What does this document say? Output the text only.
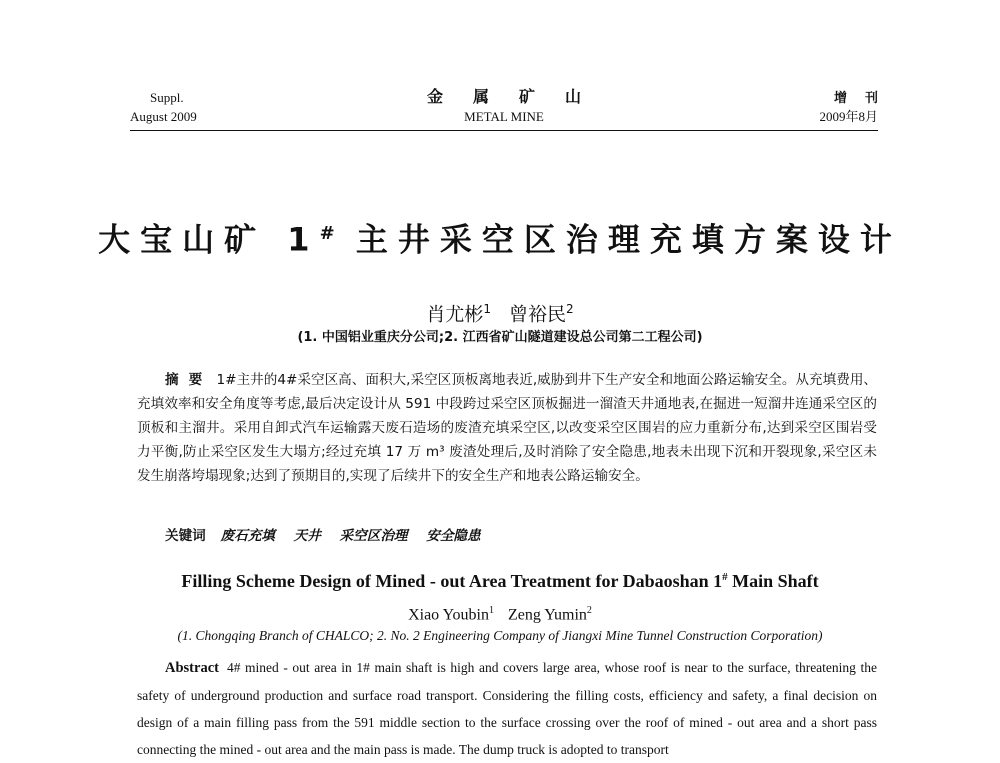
Suppl.
August 2009
金属矿山
METAL MINE
增刊
2009年8月
大宝山矿 1# 主井采空区治理充填方案设计
肖尤彬$^1$ 曾裕民$^2$
(1. 中国铝业重庆分公司;2. 江西省矿山隧道建设总公司第二工程公司)
摘要 1#主井的4#采空区高、面积大,采空区顶板离地表近,威胁到井下生产安全和地面公路运输安全。从充填费用、充填效率和安全角度等考虑,最后决定设计从 591 中段跨过采空区顶板掘进一溜渣天井通地表,在掘进一短溜井连通采空区的顶板和主溜井。采用自卸式汽车运输露天废石造场的废渣充填采空区,以改变采空区围岩的应力重新分布,达到采空区围岩受力平衡,防止采空区发生大塌方;经过充填 17 万 m³ 废渣处理后,及时消除了安全隐患,地表未出现下沉和开裂现象,采空区未发生崩落垮塌现象;达到了预期目的,实现了后续井下的安全生产和地表公路运输安全。
关键词 废石充填 天井 采空区治理 安全隐患
Filling Scheme Design of Mined - out Area Treatment for Dabaoshan 1# Main Shaft
Xiao Youbin$^1$ Zeng Yumin$^2$
(1. Chongqing Branch of CHALCO; 2. No. 2 Engineering Company of Jiangxi Mine Tunnel Construction Corporation)
Abstract 4# mined - out area in 1# main shaft is high and covers large area, whose roof is near to the surface, threatening the safety of underground production and surface road transport. Considering the filling costs, efficiency and safety, a final decision on design of a main filling pass from the 591 middle section to the surface crossing over the roof of mined - out area and a short pass connecting the mined - out area and the main pass is made. The dump truck is adopted to transport
